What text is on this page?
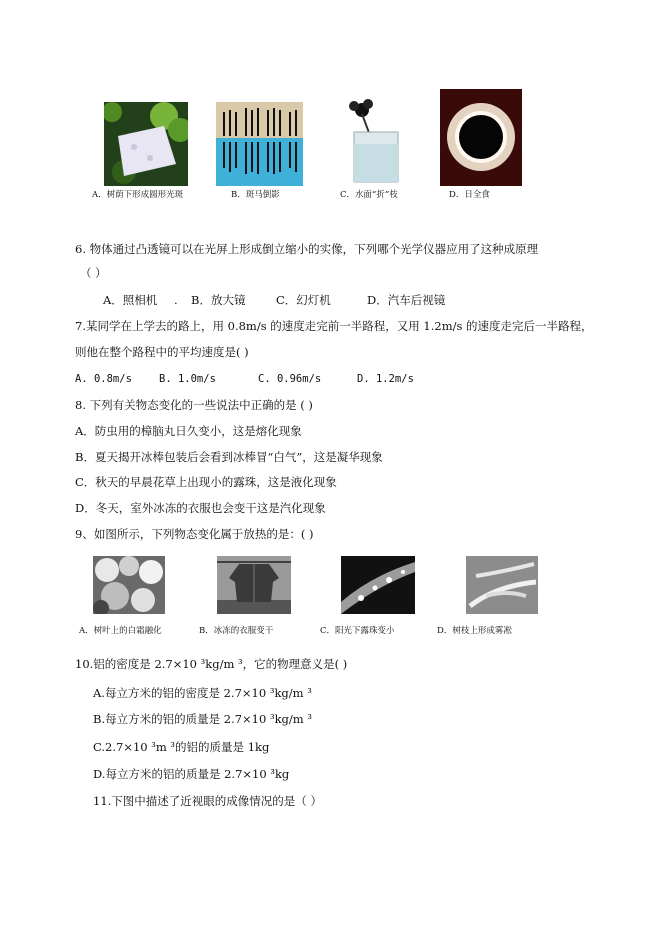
A．树荫下形成圆形光斑	B．斑马倒影	C．水面“折”枝	D．日全食
6. 物体通过凸透镜可以在光屏上形成倒立缩小的实像，下列哪个光学仪器应用了这种成原理
（ ）
A．照相机 . B．放大镜	C．幻灯机	D．汽车后视镜
7.某同学在上学去的路上，用 0.8m/s 的速度走完前一半路程，又用 1.2m/s 的速度走完后一半路程，
则他在整个路程中的平均速度是( )
A. 0.8m/s	B. 1.0m/s	C. 0.96m/s	D. 1.2m/s
8. 下列有关物态变化的一些说法中正确的是 ( )
A．防虫用的樟脑丸日久变小，这是熔化现象
B．夏天揭开冰棒包装后会看到冰棒冒“白气”，这是凝华现象
C．秋天的早晨花草上出现小的露珠，这是液化现象
D．冬天，室外冰冻的衣服也会变干这是汽化现象
9、如图所示，下列物态变化属于放热的是：( )
A．树叶上的白霜融化	B．冰冻的衣服变干	C．阳光下露珠变小	D．树枝上形成雾凇
10.铝的密度是 2.7×10 ³kg/m ³，它的物理意义是( )
A.每立方米的铝的密度是 2.7×10 ³kg/m ³
B.每立方米的铝的质量是 2.7×10 ³kg/m ³
C.2.7×10 ³m ³的铝的质量是 1kg
D.每立方米的铝的质量是 2.7×10 ³kg
11.下图中描述了近视眼的成像情况的是（ ）
